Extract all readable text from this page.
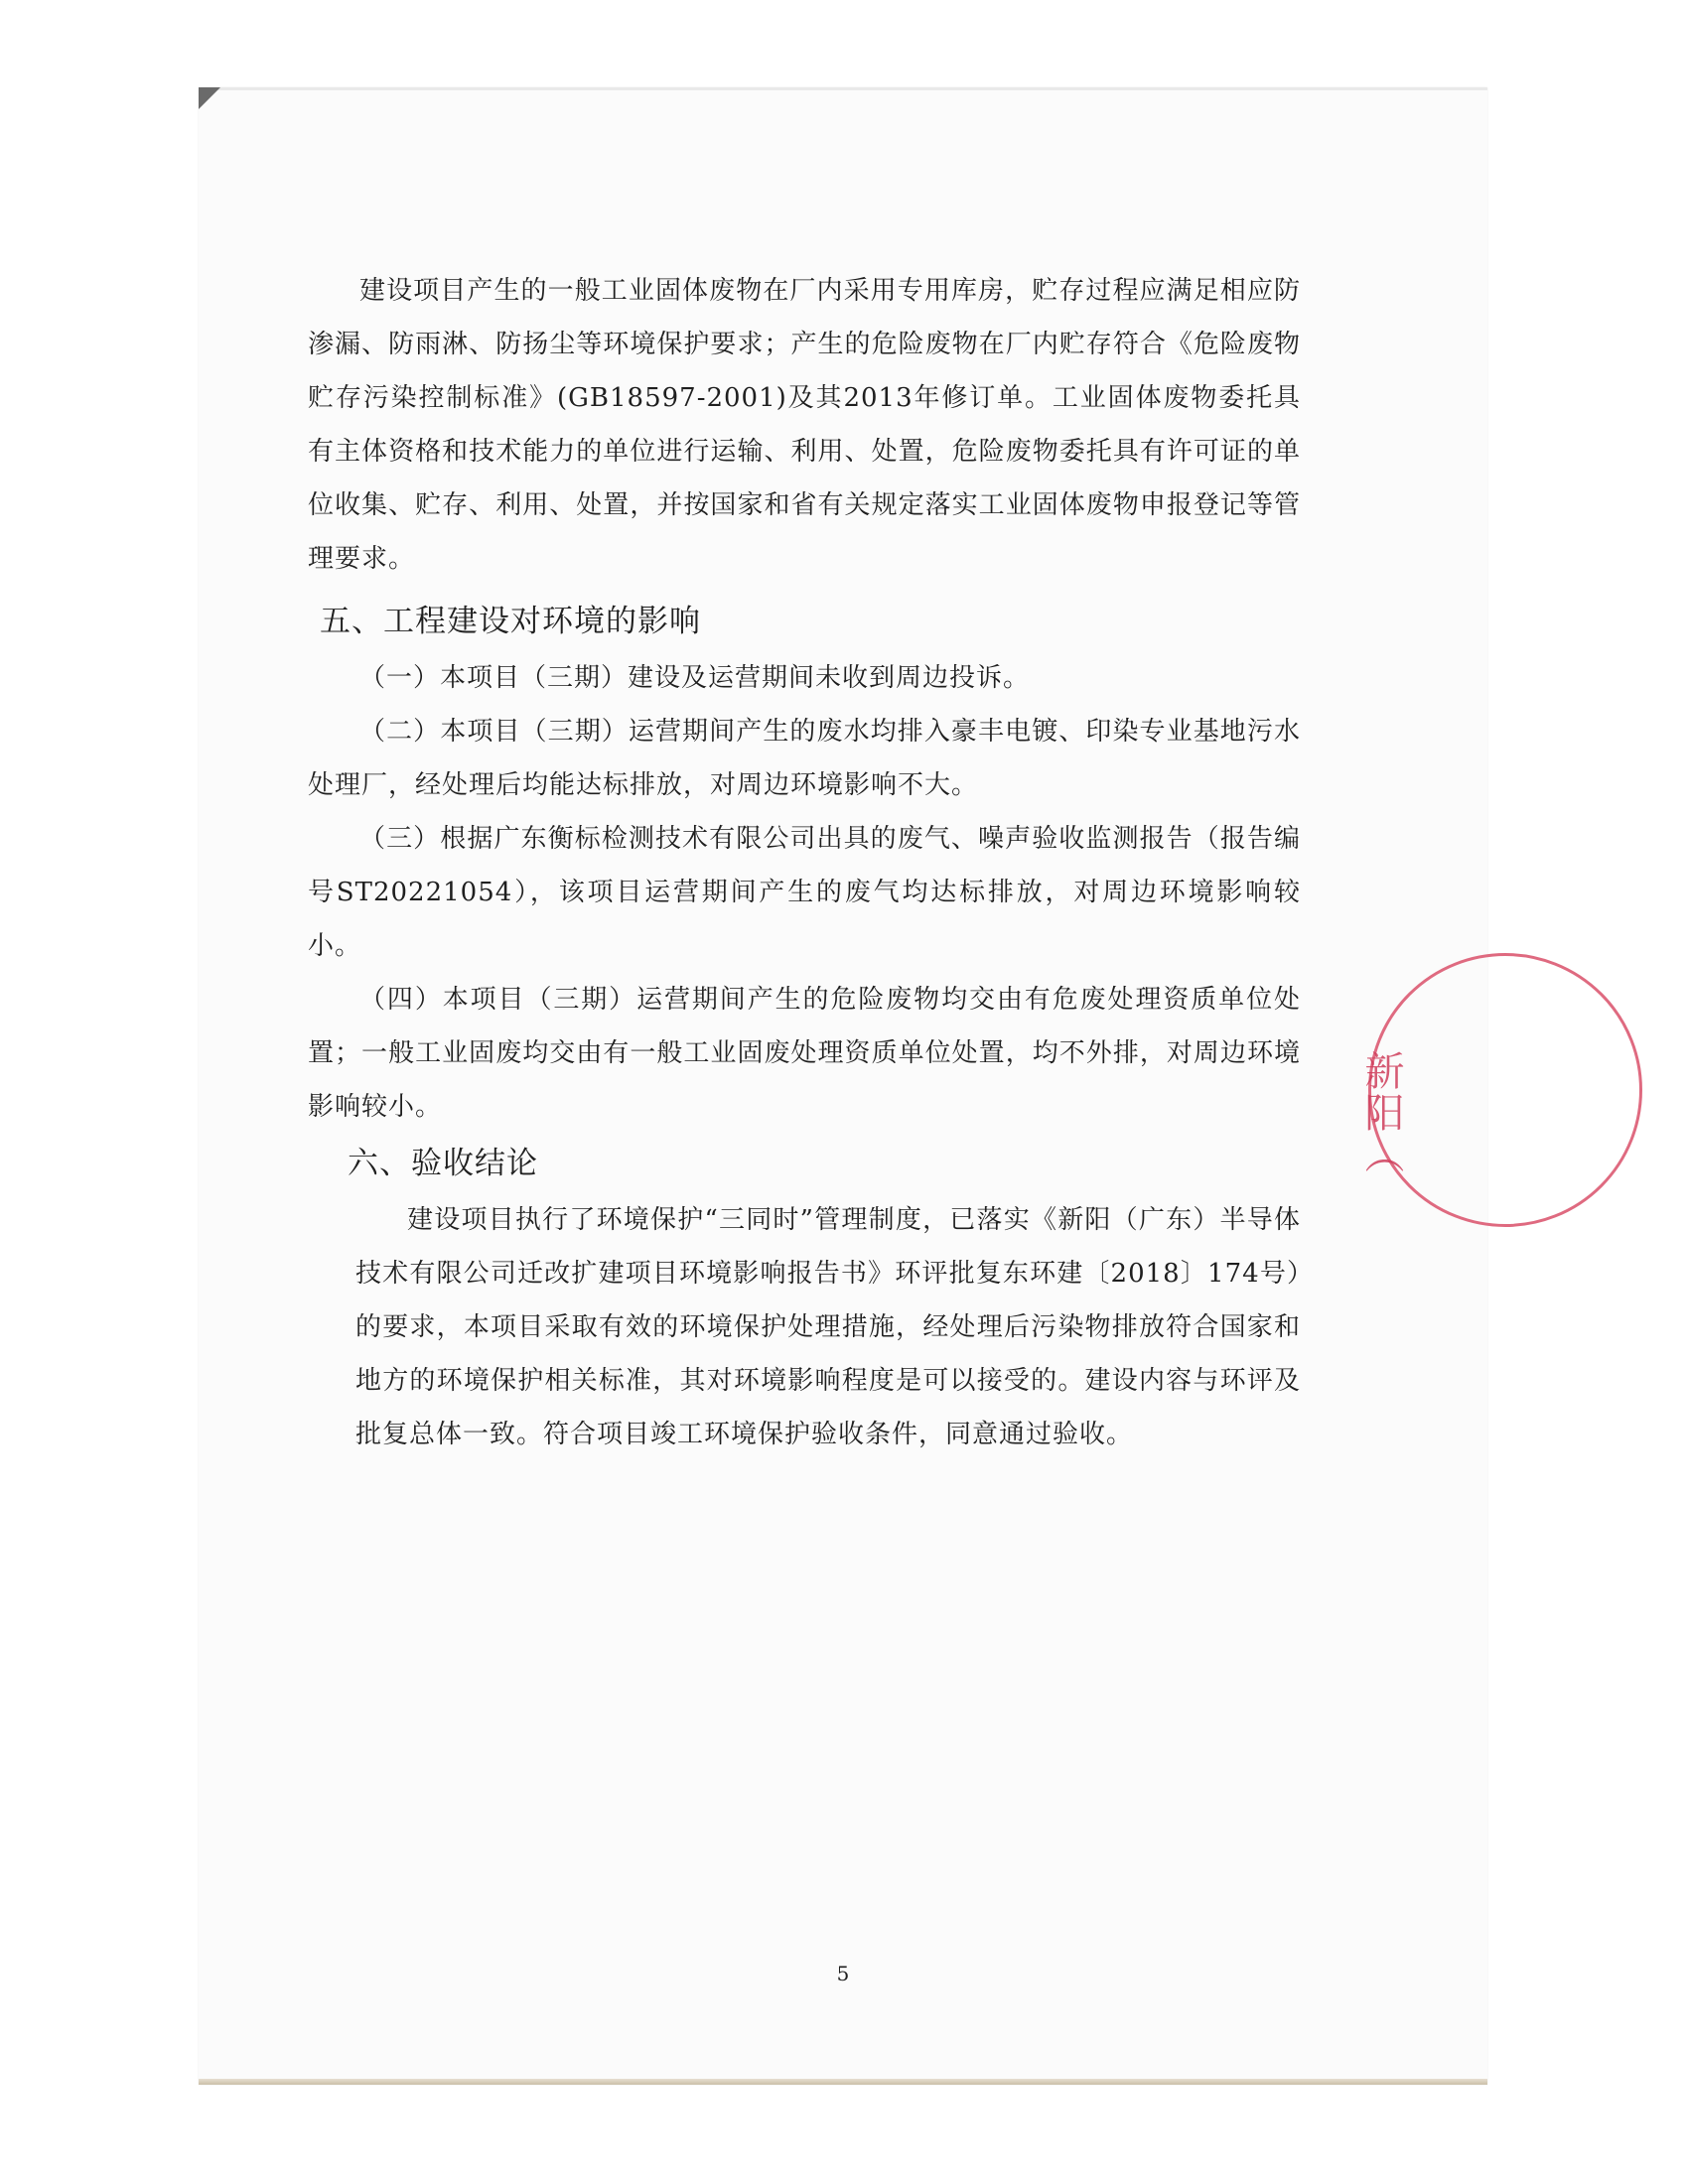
建设项目产生的一般工业固体废物在厂内采用专用库房，贮存过程应满足相应防渗漏、防雨淋、防扬尘等环境保护要求；产生的危险废物在厂内贮存符合《危险废物贮存污染控制标准》(GB18597-2001)及其2013年修订单。工业固体废物委托具有主体资格和技术能力的单位进行运输、利用、处置，危险废物委托具有许可证的单位收集、贮存、利用、处置，并按国家和省有关规定落实工业固体废物申报登记等管理要求。

五、工程建设对环境的影响

（一）本项目（三期）建设及运营期间未收到周边投诉。

（二）本项目（三期）运营期间产生的废水均排入豪丰电镀、印染专业基地污水处理厂，经处理后均能达标排放，对周边环境影响不大。

（三）根据广东衡标检测技术有限公司出具的废气、噪声验收监测报告（报告编号ST20221054），该项目运营期间产生的废气均达标排放，对周边环境影响较小。

（四）本项目（三期）运营期间产生的危险废物均交由有危废处理资质单位处置；一般工业固废均交由有一般工业固废处理资质单位处置，均不外排，对周边环境影响较小。

六、验收结论

建设项目执行了环境保护“三同时”管理制度，已落实《新阳（广东）半导体技术有限公司迁改扩建项目环境影响报告书》环评批复东环建〔2018〕174号）的要求，本项目采取有效的环境保护处理措施，经处理后污染物排放符合国家和地方的环境保护相关标准，其对环境影响程度是可以接受的。建设内容与环评及批复总体一致。符合项目竣工环境保护验收条件，同意通过验收。

5
新阳（
